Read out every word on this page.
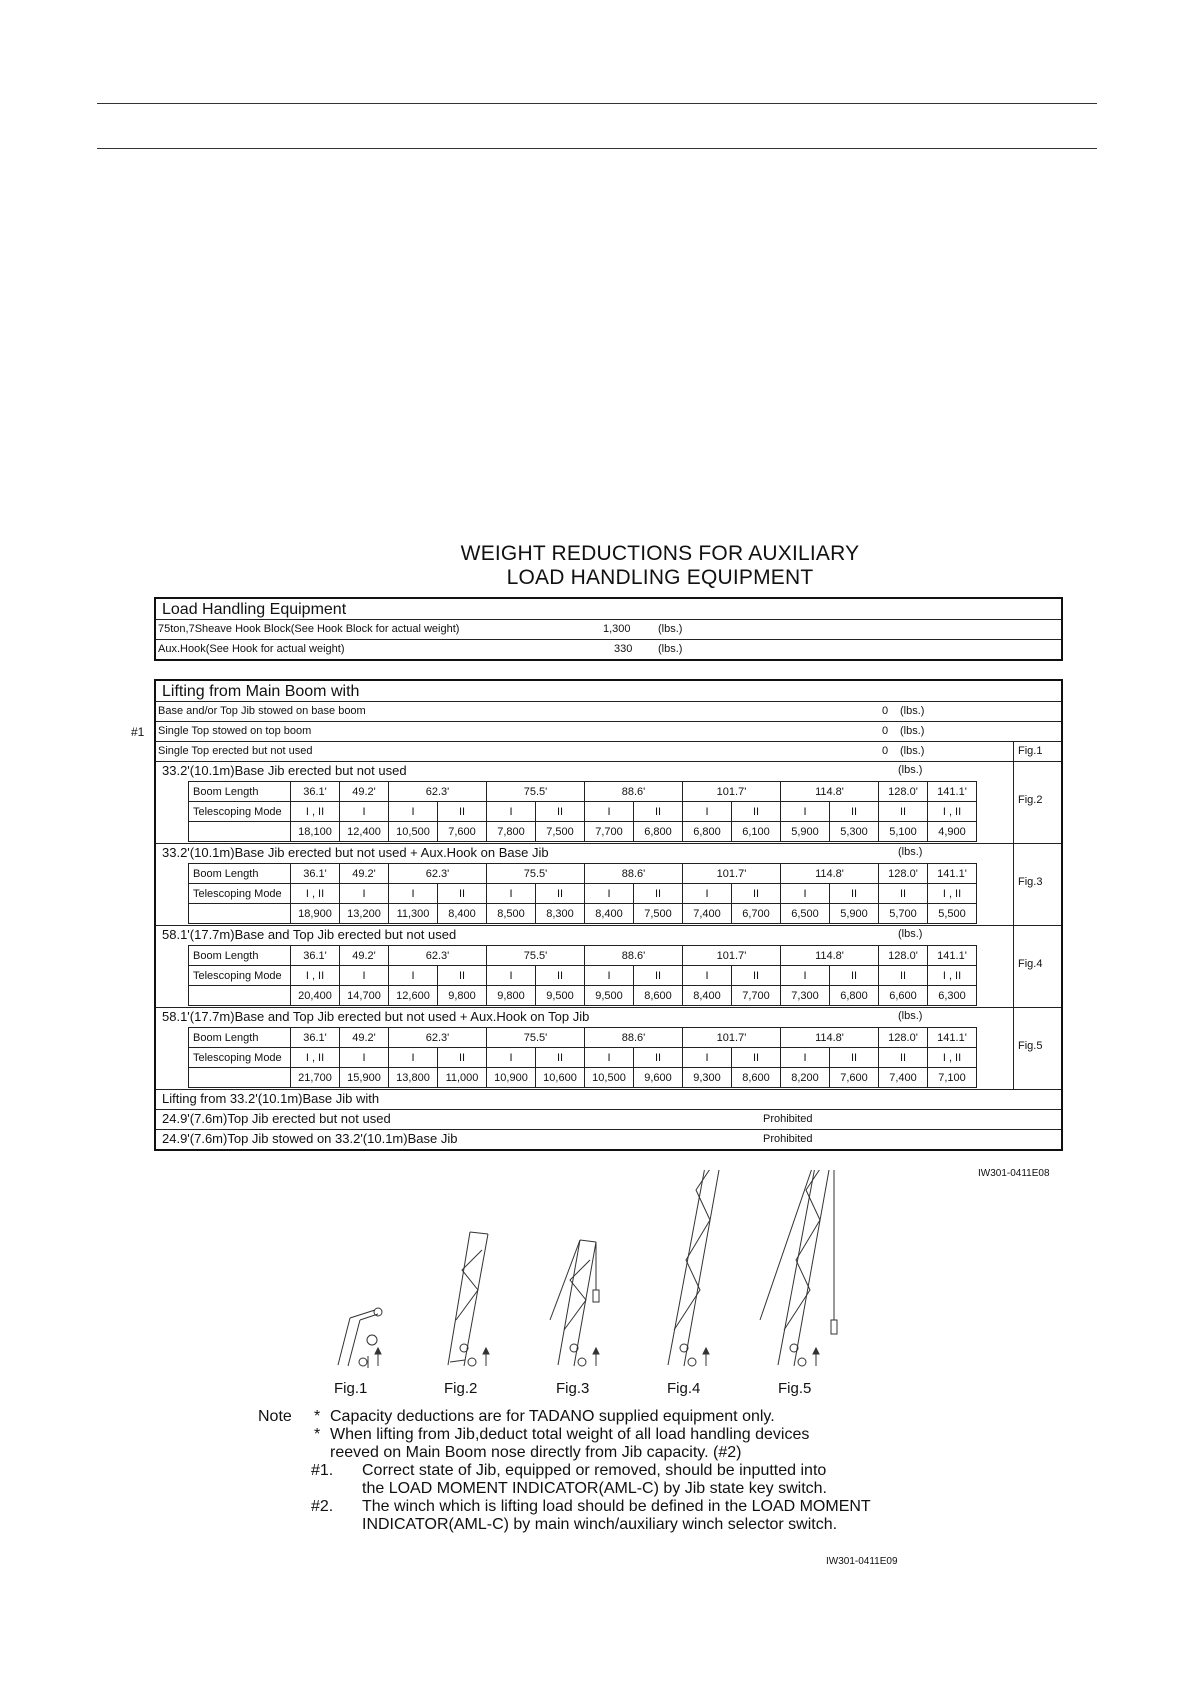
WEIGHT REDUCTIONS FOR AUXILIARY
LOAD HANDLING EQUIPMENT
Load Handling Equipment
75ton,7Sheave Hook Block(See Hook Block for actual weight)	1,300 (lbs.)
Aux.Hook(See Hook for actual weight)	330 (lbs.)
#1
Lifting from Main Boom with
Base and/or Top Jib stowed on base boom	0 (lbs.)
Single Top stowed on top boom	0 (lbs.)
Single Top erected but not used	0 (lbs.)	Fig.1
33.2'(10.1m)Base Jib erected but not used	(lbs.)
Boom Length	36.1'	49.2'	62.3'		75.5'		88.6'		101.7'		114.8'		128.0'	141.1'
Telescoping Mode	I , II	I	I	II	I	II	I	II	I	II	I	II	II	I , II
	18,100	12,400	10,500	7,600	7,800	7,500	7,700	6,800	6,800	6,100	5,900	5,300	5,100	4,900
Fig.2
33.2'(10.1m)Base Jib erected but not used + Aux.Hook on Base Jib	(lbs.)
Boom Length	36.1'	49.2'	62.3'		75.5'		88.6'		101.7'		114.8'		128.0'	141.1'
Telescoping Mode	I , II	I	I	II	I	II	I	II	I	II	I	II	II	I , II
	18,900	13,200	11,300	8,400	8,500	8,300	8,400	7,500	7,400	6,700	6,500	5,900	5,700	5,500
Fig.3
58.1'(17.7m)Base and Top Jib erected but not used	(lbs.)
Boom Length	36.1'	49.2'	62.3'		75.5'		88.6'		101.7'		114.8'		128.0'	141.1'
Telescoping Mode	I , II	I	I	II	I	II	I	II	I	II	I	II	II	I , II
	20,400	14,700	12,600	9,800	9,800	9,500	9,500	8,600	8,400	7,700	7,300	6,800	6,600	6,300
Fig.4
58.1'(17.7m)Base and Top Jib erected but not used + Aux.Hook on Top Jib	(lbs.)
Boom Length	36.1'	49.2'	62.3'		75.5'		88.6'		101.7'		114.8'		128.0'	141.1'
Telescoping Mode	I , II	I	I	II	I	II	I	II	I	II	I	II	II	I , II
	21,700	15,900	13,800	11,000	10,900	10,600	10,500	9,600	9,300	8,600	8,200	7,600	7,400	7,100
Fig.5
Lifting from 33.2'(10.1m)Base Jib with
24.9'(7.6m)Top Jib erected but not used	Prohibited
24.9'(7.6m)Top Jib stowed on 33.2'(10.1m)Base Jib	Prohibited
IW301-0411E08
Fig.1	Fig.2	Fig.3	Fig.4	Fig.5
Note * Capacity deductions are for TADANO supplied equipment only.
* When lifting from Jib,deduct total weight of all load handling devices
reeved on Main Boom nose directly from Jib capacity. (#2)
#1. Correct state of Jib, equipped or removed, should be inputted into
the LOAD MOMENT INDICATOR(AML-C) by Jib state key switch.
#2. The winch which is lifting load should be defined in the LOAD MOMENT
INDICATOR(AML-C) by main winch/auxiliary winch selector switch.
IW301-0411E09
